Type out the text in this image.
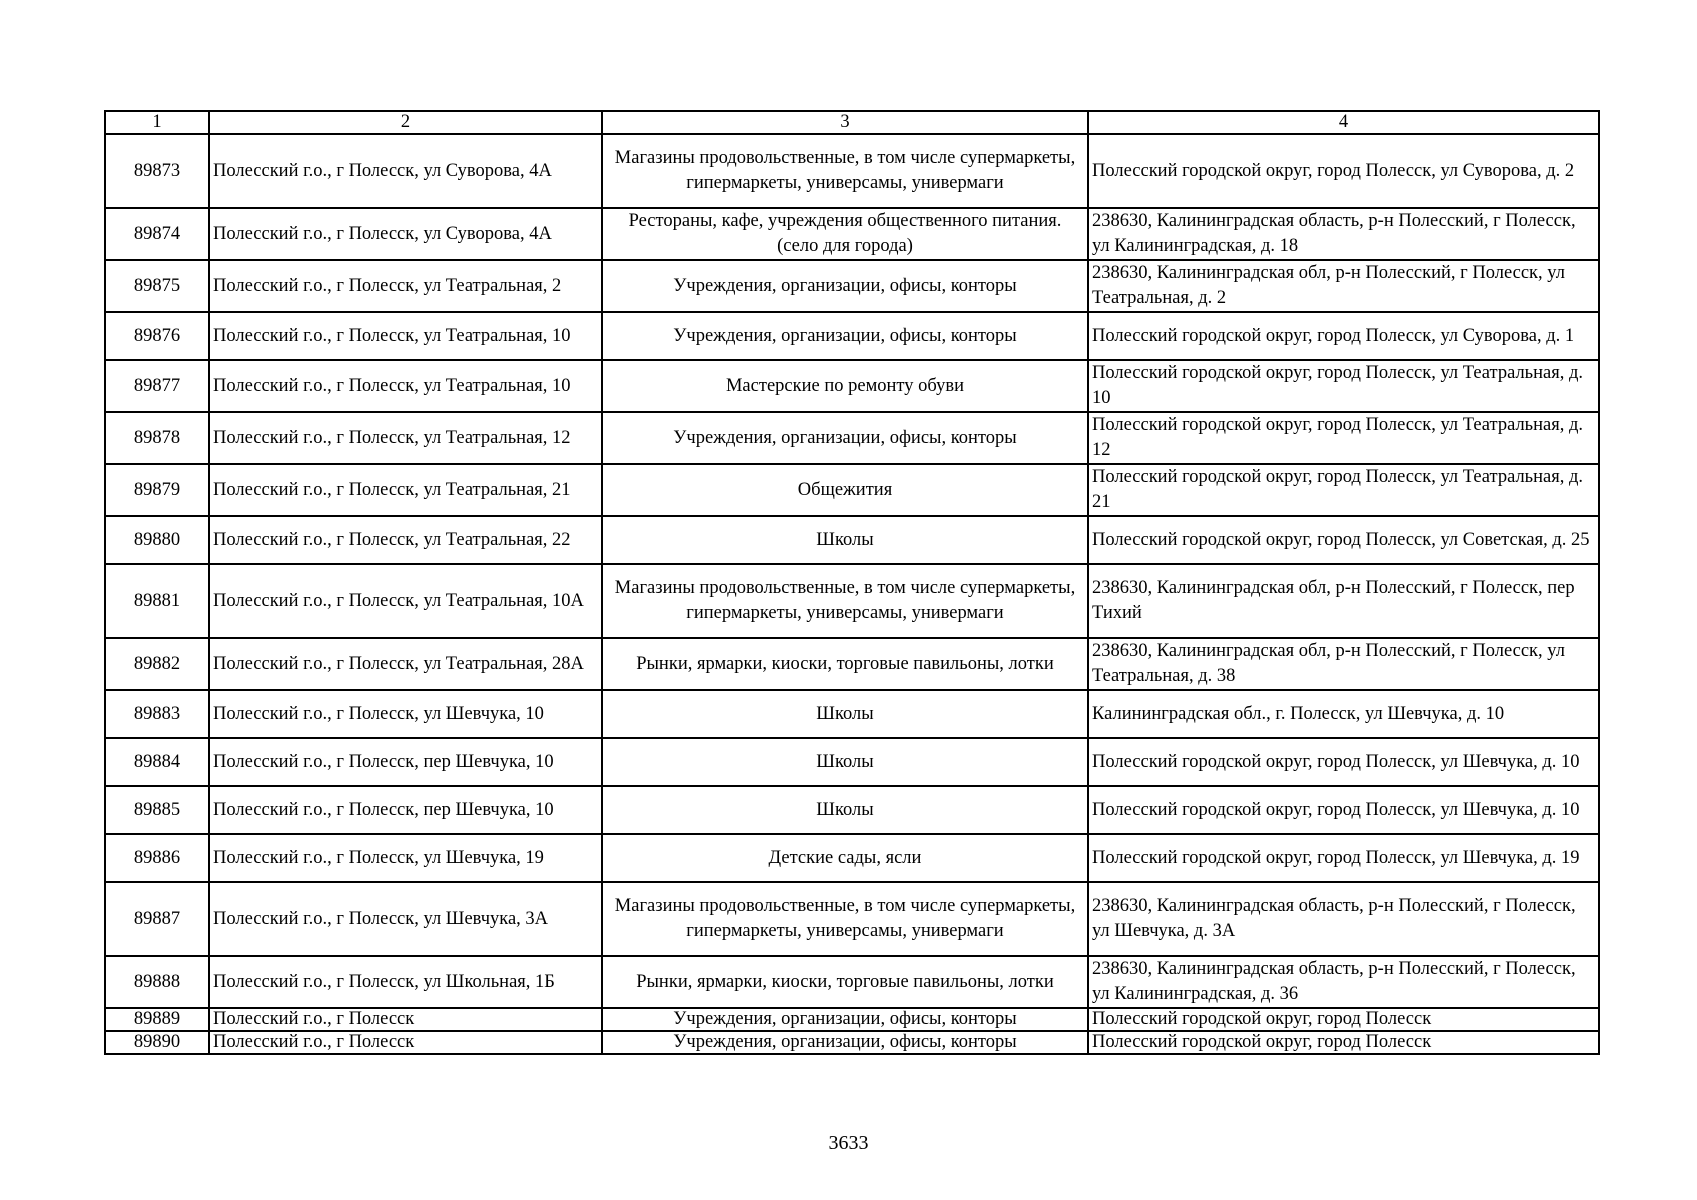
1	2	3	4
89873	Полесский г.о., г Полесск, ул Суворова, 4А	Магазины продовольственные, в том числе супермаркеты, гипермаркеты, универсамы, универмаги	Полесский городской округ, город Полесск, ул Суворова, д. 2
89874	Полесский г.о., г Полесск, ул Суворова, 4А	Рестораны, кафе, учреждения общественного питания. (село для города)	238630, Калининградская область, р-н Полесский, г Полесск, ул Калининградская, д. 18
89875	Полесский г.о., г Полесск, ул Театральная, 2	Учреждения, организации, офисы, конторы	238630, Калининградская обл, р-н Полесский, г Полесск, ул Театральная, д. 2
89876	Полесский г.о., г Полесск, ул Театральная, 10	Учреждения, организации, офисы, конторы	Полесский городской округ, город Полесск, ул Суворова, д. 1
89877	Полесский г.о., г Полесск, ул Театральная, 10	Мастерские по ремонту обуви	Полесский городской округ, город Полесск, ул Театральная, д. 10
89878	Полесский г.о., г Полесск, ул Театральная, 12	Учреждения, организации, офисы, конторы	Полесский городской округ, город Полесск, ул Театральная, д. 12
89879	Полесский г.о., г Полесск, ул Театральная, 21	Общежития	Полесский городской округ, город Полесск, ул Театральная, д. 21
89880	Полесский г.о., г Полесск, ул Театральная, 22	Школы	Полесский городской округ, город Полесск, ул Советская, д. 25
89881	Полесский г.о., г Полесск, ул Театральная, 10А	Магазины продовольственные, в том числе супермаркеты, гипермаркеты, универсамы, универмаги	238630, Калининградская обл, р-н Полесский, г Полесск, пер Тихий
89882	Полесский г.о., г Полесск, ул Театральная, 28А	Рынки, ярмарки, киоски, торговые павильоны, лотки	238630, Калининградская обл, р-н Полесский, г Полесск, ул Театральная, д. 38
89883	Полесский г.о., г Полесск, ул Шевчука, 10	Школы	Калининградская обл., г. Полесск, ул Шевчука, д. 10
89884	Полесский г.о., г Полесск, пер Шевчука, 10	Школы	Полесский городской округ, город Полесск, ул Шевчука, д. 10
89885	Полесский г.о., г Полесск, пер Шевчука, 10	Школы	Полесский городской округ, город Полесск, ул Шевчука, д. 10
89886	Полесский г.о., г Полесск, ул Шевчука, 19	Детские сады, ясли	Полесский городской округ, город Полесск, ул Шевчука, д. 19
89887	Полесский г.о., г Полесск, ул Шевчука, 3А	Магазины продовольственные, в том числе супермаркеты, гипермаркеты, универсамы, универмаги	238630, Калининградская область, р-н Полесский, г Полесск, ул Шевчука, д. 3А
89888	Полесский г.о., г Полесск, ул Школьная, 1Б	Рынки, ярмарки, киоски, торговые павильоны, лотки	238630, Калининградская область, р-н Полесский, г Полесск, ул Калининградская, д. 36
89889	Полесский г.о., г Полесск	Учреждения, организации, офисы, конторы	Полесский городской округ, город Полесск
89890	Полесский г.о., г Полесск	Учреждения, организации, офисы, конторы	Полесский городской округ, город Полесск
3633
